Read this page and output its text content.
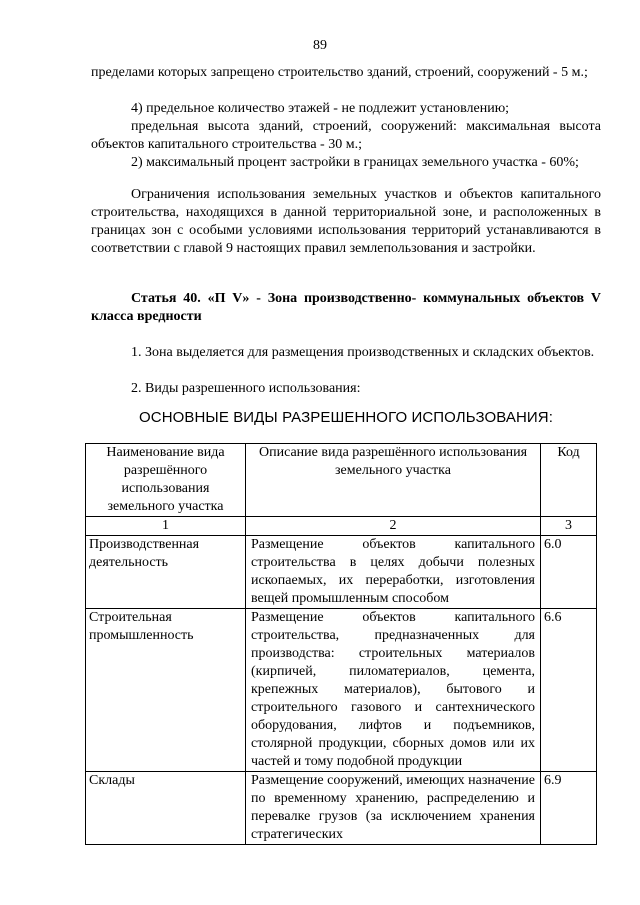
89
пределами которых запрещено строительство зданий, строений, сооружений - 5 м.;
4) предельное количество этажей - не подлежит установлению;
предельная высота зданий, строений, сооружений: максимальная высота объектов капитального строительства - 30 м.;
2) максимальный процент застройки в границах земельного участка - 60%;
Ограничения использования земельных участков и объектов капитального строительства, находящихся в данной территориальной зоне, и расположенных в границах зон с особыми условиями использования территорий устанавливаются в соответствии с главой 9 настоящих правил землепользования и застройки.
Статья 40. «П V» - Зона производственно- коммунальных объектов V класса вредности
1. Зона выделяется для размещения производственных и складских объектов.
2. Виды разрешенного использования:
ОСНОВНЫЕ ВИДЫ РАЗРЕШЕННОГО ИСПОЛЬЗОВАНИЯ:
Наименование вида разрешённого использования земельного участка	Описание вида разрешённого использования земельного участка	Код
1	2	3
Производственная деятельность	Размещение объектов капитального строительства в целях добычи полезных ископаемых, их переработки, изготовления вещей промышленным способом	6.0
Строительная промышленность	Размещение объектов капитального строительства, предназначенных для производства: строительных материалов (кирпичей, пиломатериалов, цемента, крепежных материалов), бытового и строительного газового и сантехнического оборудования, лифтов и подъемников, столярной продукции, сборных домов или их частей и тому подобной продукции	6.6
Склады	Размещение сооружений, имеющих назначение по временному хранению, распределению и перевалке грузов (за исключением хранения стратегических	6.9
